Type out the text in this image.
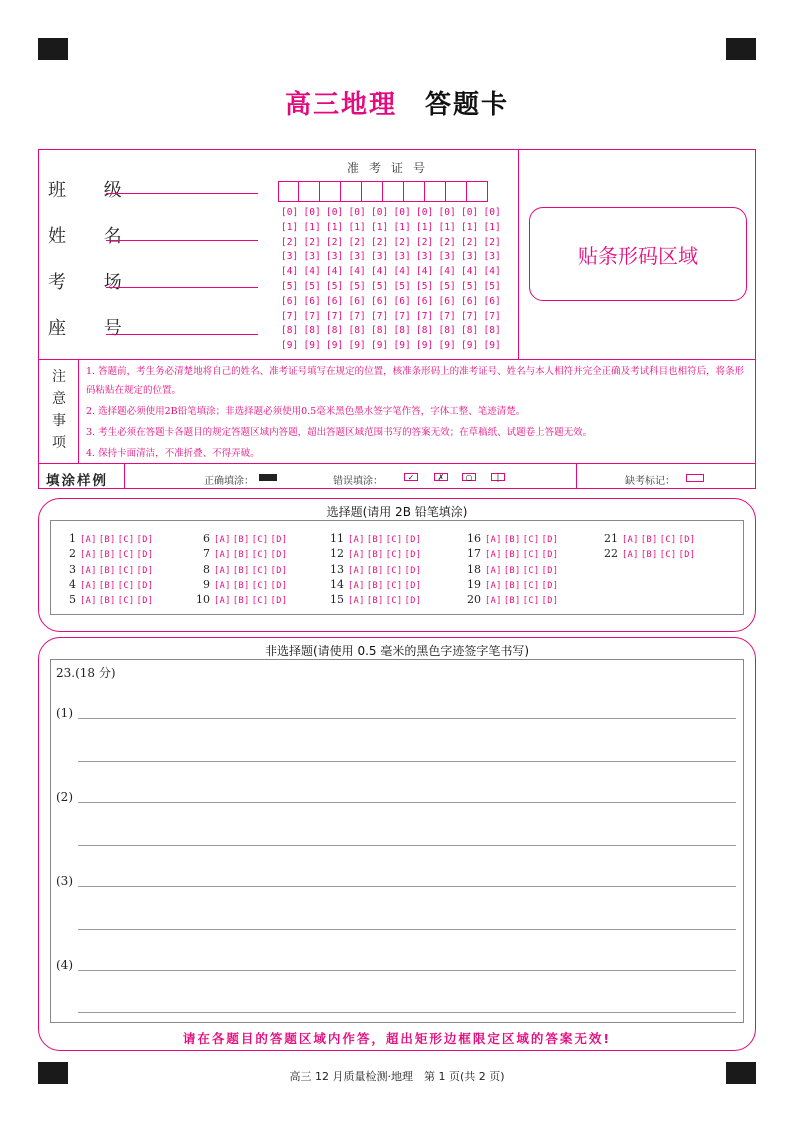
高三地理 答题卡
班 级
姓 名
考 场
座 号
准考证号
[0] [0] [0] [0] [0] [0] [0] [0] [0] [0]
[1] [1] [1] [1] [1] [1] [1] [1] [1] [1]
[2] [2] [2] [2] [2] [2] [2] [2] [2] [2]
[3] [3] [3] [3] [3] [3] [3] [3] [3] [3]
[4] [4] [4] [4] [4] [4] [4] [4] [4] [4]
[5] [5] [5] [5] [5] [5] [5] [5] [5] [5]
[6] [6] [6] [6] [6] [6] [6] [6] [6] [6]
[7] [7] [7] [7] [7] [7] [7] [7] [7] [7]
[8] [8] [8] [8] [8] [8] [8] [8] [8] [8]
[9] [9] [9] [9] [9] [9] [9] [9] [9] [9]
贴条形码区域
注
意
事
项
1. 答题前，考生务必清楚地将自己的姓名、准考证号填写在规定的位置，核准条形码上的准考证号、姓名与本人相符并完全正确及考试科目也相符后，将条形码粘贴在规定的位置。
2. 选择题必须使用2B铅笔填涂；非选择题必须使用0.5毫米黑色墨水签字笔作答，字体工整、笔迹清楚。
3. 考生必须在答题卡各题目的规定答题区域内答题，超出答题区域范围书写的答案无效；在草稿纸、试题卷上答题无效。
4. 保持卡面清洁，不准折叠、不得弄破。
填涂样例	正确填涂：	错误填涂：	✓	✗	○	|	缺考标记：
选择题(请用 2B 铅笔填涂)
1 [A] [B] [C] [D]
2 [A] [B] [C] [D]
3 [A] [B] [C] [D]
4 [A] [B] [C] [D]
5 [A] [B] [C] [D]
6 [A] [B] [C] [D]
7 [A] [B] [C] [D]
8 [A] [B] [C] [D]
9 [A] [B] [C] [D]
10 [A] [B] [C] [D]
11 [A] [B] [C] [D]
12 [A] [B] [C] [D]
13 [A] [B] [C] [D]
14 [A] [B] [C] [D]
15 [A] [B] [C] [D]
16 [A] [B] [C] [D]
17 [A] [B] [C] [D]
18 [A] [B] [C] [D]
19 [A] [B] [C] [D]
20 [A] [B] [C] [D]
21 [A] [B] [C] [D]
22 [A] [B] [C] [D]
非选择题(请使用 0.5 毫米的黑色字迹签字笔书写)
23.(18 分)
(1)
(2)
(3)
(4)
请在各题目的答题区域内作答，超出矩形边框限定区域的答案无效!
高三 12 月质量检测·地理　第 1 页(共 2 页)
